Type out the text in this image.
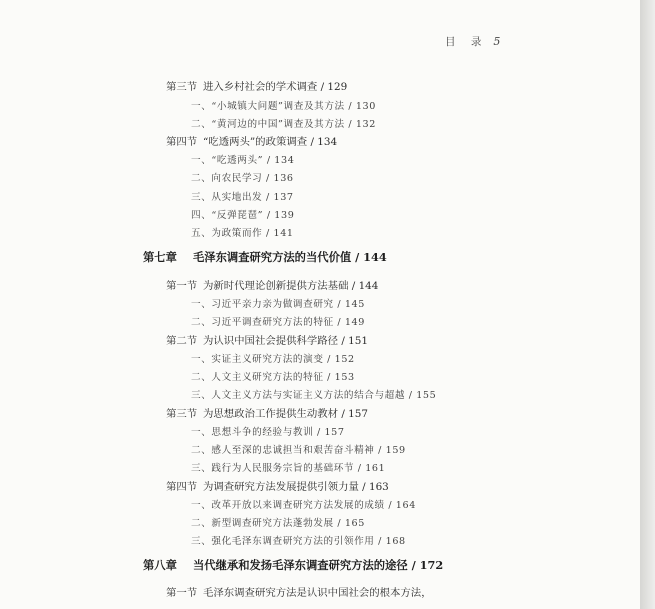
目 录 5
第三节 进入乡村社会的学术调查 / 129
一、“小城镇大问题”调查及其方法 / 130
二、“黄河边的中国”调查及其方法 / 132
第四节 “吃透两头”的政策调查 / 134
一、“吃透两头” / 134
二、向农民学习 / 136
三、从实地出发 / 137
四、“反弹琵琶” / 139
五、为政策而作 / 141
第七章 毛泽东调查研究方法的当代价值 / 144
第一节 为新时代理论创新提供方法基础 / 144
一、习近平亲力亲为做调查研究 / 145
二、习近平调查研究方法的特征 / 149
第二节 为认识中国社会提供科学路径 / 151
一、实证主义研究方法的演变 / 152
二、人文主义研究方法的特征 / 153
三、人文主义方法与实证主义方法的结合与超越 / 155
第三节 为思想政治工作提供生动教材 / 157
一、思想斗争的经验与教训 / 157
二、感人至深的忠诚担当和艰苦奋斗精神 / 159
三、践行为人民服务宗旨的基础环节 / 161
第四节 为调查研究方法发展提供引领力量 / 163
一、改革开放以来调查研究方法发展的成绩 / 164
二、新型调查研究方法蓬勃发展 / 165
三、强化毛泽东调查研究方法的引领作用 / 168
第八章 当代继承和发扬毛泽东调查研究方法的途径 / 172
第一节 毛泽东调查研究方法是认识中国社会的根本方法，
